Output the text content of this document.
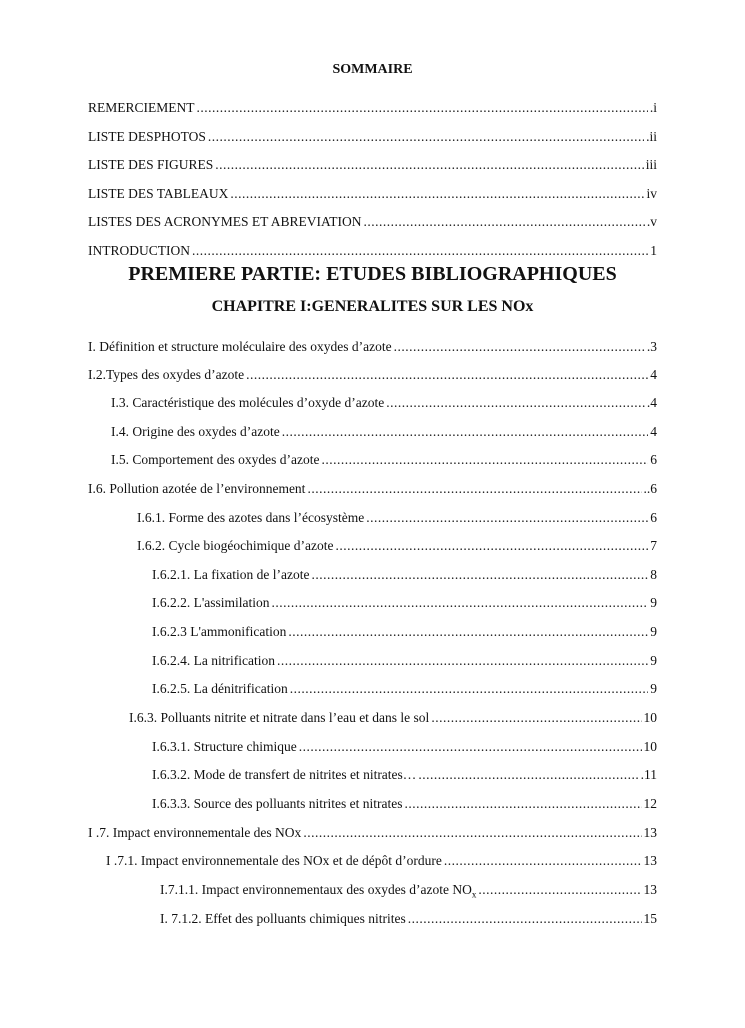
SOMMAIRE
PREMIERE PARTIE: ETUDES BIBLIOGRAPHIQUES
CHAPITRE I:GENERALITES SUR LES NOx
REMERCIEMENT .....	.i
LISTE DESPHOTOS .....	.ii
LISTE DES FIGURES .....	iii
LISTE DES TABLEAUX .....	iv
LISTES DES ACRONYMES ET ABREVIATION .....	.v
INTRODUCTION .....	1
I. Définition et structure moléculaire des oxydes d’azote .....	.3
I.2.Types des oxydes d’azote .....	4
I.3. Caractéristique des molécules d’oxyde d’azote .....	.4
I.4. Origine des oxydes d’azote .....	4
I.5. Comportement des oxydes d’azote .....	6
I.6. Pollution azotée de l’environnement .....	..6
I.6.1. Forme des azotes dans l’écosystème .....	6
I.6.2. Cycle biogéochimique d’azote .....	7
I.6.2.1. La fixation de l’azote .....	8
I.6.2.2. L'assimilation .....	9
I.6.2.3 L'ammonification .....	9
I.6.2.4. La nitrification .....	9
I.6.2.5. La dénitrification .....	9
I.6.3. Polluants nitrite et nitrate dans l’eau et dans le sol .....	10
I.6.3.1. Structure chimique .....	10
I.6.3.2. Mode de transfert de nitrites et nitrates… .....	.11
I.6.3.3. Source des polluants nitrites et nitrates .....	12
I .7. Impact environnementale des NOx .....	13
I .7.1. Impact environnementale des NOx et de dépôt d’ordure .....	13
I.7.1.1. Impact environnementaux des oxydes d’azote $NO_x$ .....	13
I. 7.1.2. Effet des polluants chimiques nitrites .....	15
